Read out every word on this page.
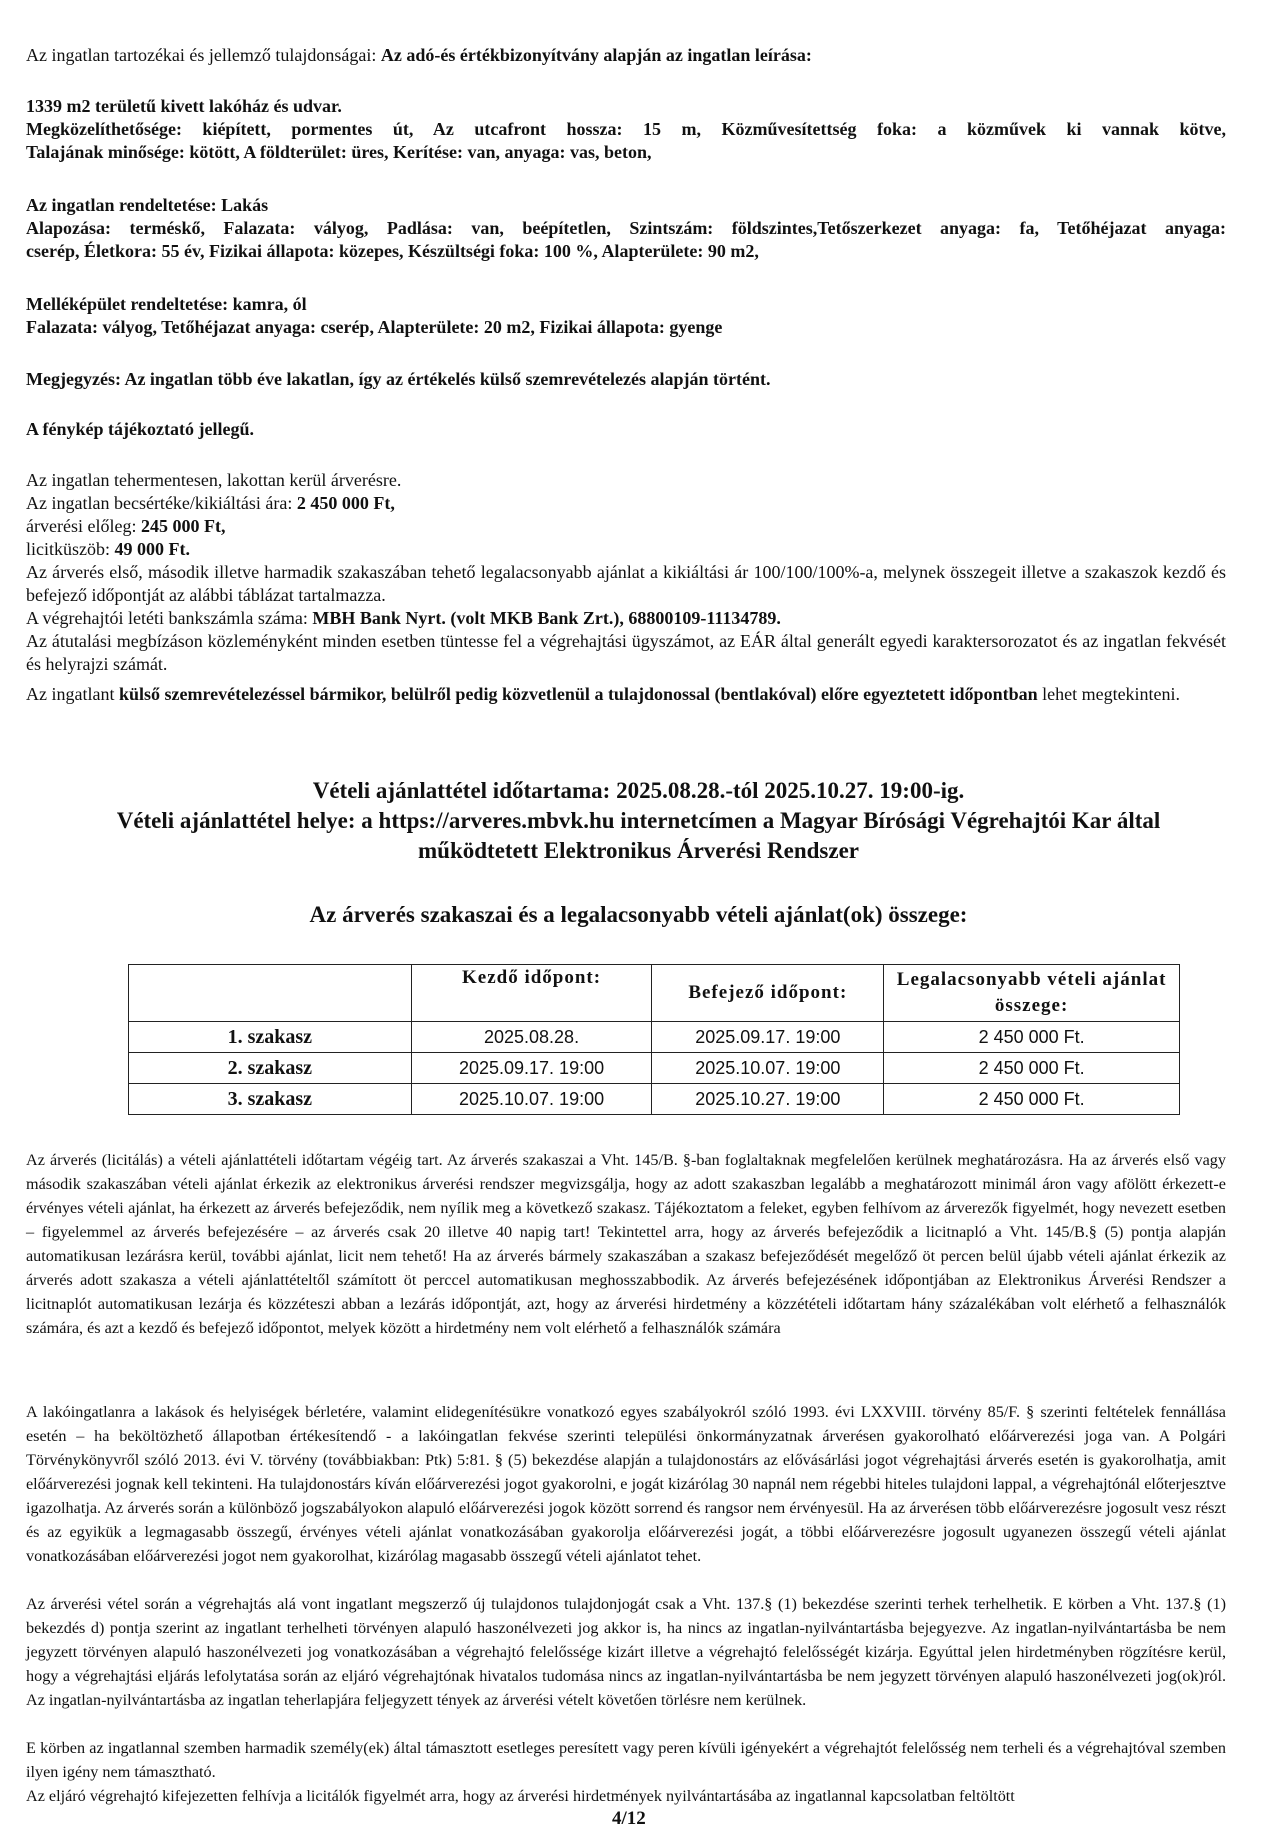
Az ingatlan tartozékai és jellemző tulajdonságai: Az adó-és értékbizonyítvány alapján az ingatlan leírása:
1339 m2 területű kivett lakóház és udvar.
Megközelíthetősége: kiépített, pormentes út, Az utcafront hossza: 15 m, Közművesítettség foka: a közművek ki vannak kötve,
Talajának minősége: kötött, A földterület: üres, Kerítése: van, anyaga: vas, beton,
Az ingatlan rendeltetése: Lakás
Alapozása: terméskő, Falazata: vályog, Padlása: van, beépítetlen, Szintszám: földszintes,Tetőszerkezet anyaga: fa, Tetőhéjazat anyaga:
cserép, Életkora: 55 év, Fizikai állapota: közepes, Készültségi foka: 100 %, Alapterülete: 90 m2,
Melléképület rendeltetése: kamra, ól
Falazata: vályog, Tetőhéjazat anyaga: cserép, Alapterülete: 20 m2, Fizikai állapota: gyenge
Megjegyzés: Az ingatlan több éve lakatlan, így az értékelés külső szemrevételezés alapján történt.
A fénykép tájékoztató jellegű.
Az ingatlan tehermentesen, lakottan kerül árverésre.
Az ingatlan becsértéke/kikiáltási ára: 2 450 000 Ft,
árverési előleg: 245 000 Ft,
licitküszöb: 49 000 Ft.
Az árverés első, második illetve harmadik szakaszában tehető legalacsonyabb ajánlat a kikiáltási ár 100/100/100%-a, melynek összegeit illetve a szakaszok kezdő és befejező időpontját az alábbi táblázat tartalmazza.
A végrehajtói letéti bankszámla száma: MBH Bank Nyrt. (volt MKB Bank Zrt.), 68800109-11134789.
Az átutalási megbízáson közleményként minden esetben tüntesse fel a végrehajtási ügyszámot, az EÁR által generált egyedi karaktersorozatot és az ingatlan fekvését és helyrajzi számát.
Az ingatlant külső szemrevételezéssel bármikor, belülről pedig közvetlenül a tulajdonossal (bentlakóval) előre egyeztetett időpontban lehet megtekinteni.
Vételi ajánlattétel időtartama: 2025.08.28.-tól 2025.10.27. 19:00-ig.
Vételi ajánlattétel helye: a https://arveres.mbvk.hu internetcímen a Magyar Bírósági Végrehajtói Kar által
működtetett Elektronikus Árverési Rendszer
Az árverés szakaszai és a legalacsonyabb vételi ajánlat(ok) összege:
	Kezdő időpont:	Befejező időpont:	Legalacsonyabb vételi ajánlat összege:
1. szakasz	2025.08.28.	2025.09.17. 19:00	2 450 000 Ft.
2. szakasz	2025.09.17. 19:00	2025.10.07. 19:00	2 450 000 Ft.
3. szakasz	2025.10.07. 19:00	2025.10.27. 19:00	2 450 000 Ft.
Az árverés (licitálás) a vételi ajánlattételi időtartam végéig tart. Az árverés szakaszai a Vht. 145/B. §-ban foglaltaknak megfelelően kerülnek meghatározásra. Ha az árverés első vagy második szakaszában vételi ajánlat érkezik az elektronikus árverési rendszer megvizsgálja, hogy az adott szakaszban legalább a meghatározott minimál áron vagy afölött érkezett-e érvényes vételi ajánlat, ha érkezett az árverés befejeződik, nem nyílik meg a következő szakasz. Tájékoztatom a feleket, egyben felhívom az árverezők figyelmét, hogy nevezett esetben – figyelemmel az árverés befejezésére – az árverés csak 20 illetve 40 napig tart! Tekintettel arra, hogy az árverés befejeződik a licitnapló a Vht. 145/B.§ (5) pontja alapján automatikusan lezárásra kerül, további ajánlat, licit nem tehető! Ha az árverés bármely szakaszában a szakasz befejeződését megelőző öt percen belül újabb vételi ajánlat érkezik az árverés adott szakasza a vételi ajánlattételtől számított öt perccel automatikusan meghosszabbodik. Az árverés befejezésének időpontjában az Elektronikus Árverési Rendszer a licitnaplót automatikusan lezárja és közzéteszi abban a lezárás időpontját, azt, hogy az árverési hirdetmény a közzétételi időtartam hány százalékában volt elérhető a felhasználók számára, és azt a kezdő és befejező időpontot, melyek között a hirdetmény nem volt elérhető a felhasználók számára
A lakóingatlanra a lakások és helyiségek bérletére, valamint elidegenítésükre vonatkozó egyes szabályokról szóló 1993. évi LXXVIII. törvény 85/F. § szerinti feltételek fennállása esetén – ha beköltözhető állapotban értékesítendő - a lakóingatlan fekvése szerinti települési önkormányzatnak árverésen gyakorolható előárverezési joga van. A Polgári Törvénykönyvről szóló 2013. évi V. törvény (továbbiakban: Ptk) 5:81. § (5) bekezdése alapján a tulajdonostárs az elővásárlási jogot végrehajtási árverés esetén is gyakorolhatja, amit előárverezési jognak kell tekinteni. Ha tulajdonostárs kíván előárverezési jogot gyakorolni, e jogát kizárólag 30 napnál nem régebbi hiteles tulajdoni lappal, a végrehajtónál előterjesztve igazolhatja. Az árverés során a különböző jogszabályokon alapuló előárverezési jogok között sorrend és rangsor nem érvényesül. Ha az árverésen több előárverezésre jogosult vesz részt és az egyikük a legmagasabb összegű, érvényes vételi ajánlat vonatkozásában gyakorolja előárverezési jogát, a többi előárverezésre jogosult ugyanezen összegű vételi ajánlat vonatkozásában előárverezési jogot nem gyakorolhat, kizárólag magasabb összegű vételi ajánlatot tehet.
Az árverési vétel során a végrehajtás alá vont ingatlant megszerző új tulajdonos tulajdonjogát csak a Vht. 137.§ (1) bekezdése szerinti terhek terhelhetik. E körben a Vht. 137.§ (1) bekezdés d) pontja szerint az ingatlant terhelheti törvényen alapuló haszonélvezeti jog akkor is, ha nincs az ingatlan-nyilvántartásba bejegyezve. Az ingatlan-nyilvántartásba be nem jegyzett törvényen alapuló haszonélvezeti jog vonatkozásában a végrehajtó felelőssége kizárt illetve a végrehajtó felelősségét kizárja. Egyúttal jelen hirdetményben rögzítésre kerül, hogy a végrehajtási eljárás lefolytatása során az eljáró végrehajtónak hivatalos tudomása nincs az ingatlan-nyilvántartásba be nem jegyzett törvényen alapuló haszonélvezeti jog(ok)ról. Az ingatlan-nyilvántartásba az ingatlan teherlapjára feljegyzett tények az árverési vételt követően törlésre nem kerülnek.
E körben az ingatlannal szemben harmadik személy(ek) által támasztott esetleges peresített vagy peren kívüli igényekért a végrehajtót felelősség nem terheli és a végrehajtóval szemben ilyen igény nem támasztható.
Az eljáró végrehajtó kifejezetten felhívja a licitálók figyelmét arra, hogy az árverési hirdetmények nyilvántartásába az ingatlannal kapcsolatban feltöltött
4/12
